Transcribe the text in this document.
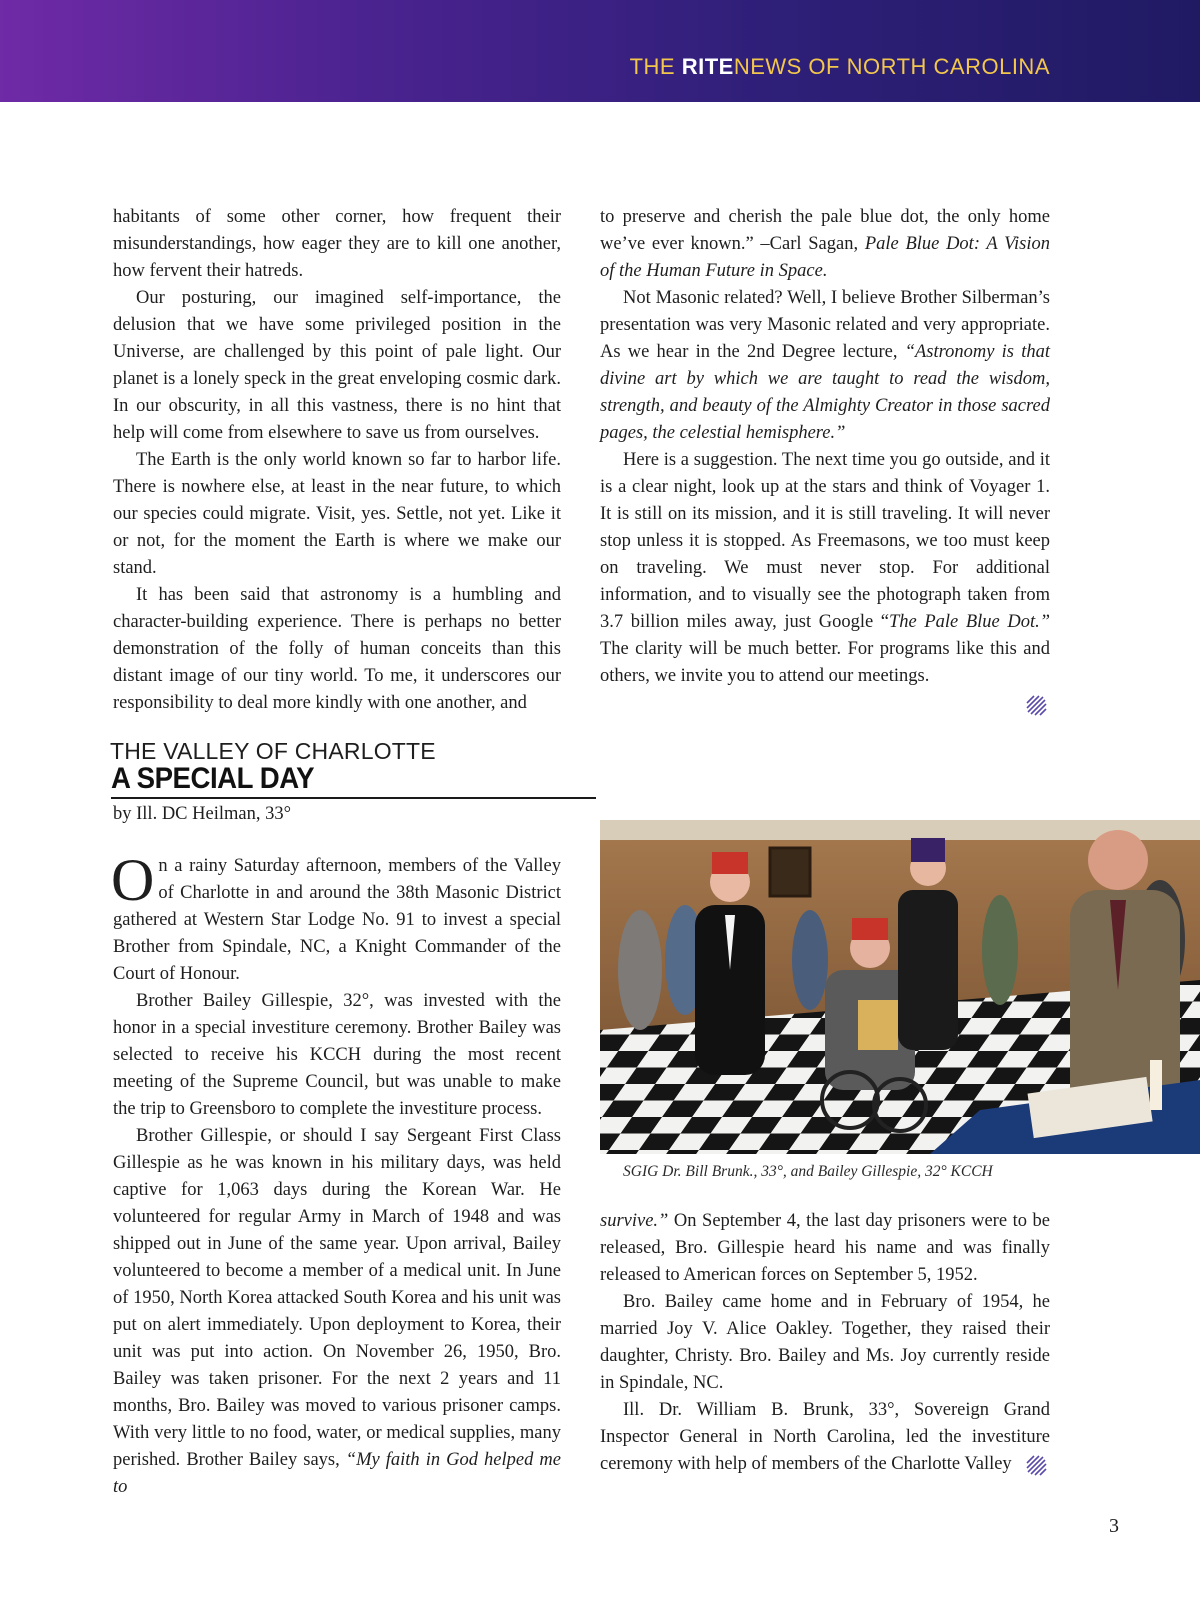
THE RITENEWS OF NORTH CAROLINA

habitants of some other corner, how frequent their misunderstandings, how eager they are to kill one another, how fervent their hatreds.

Our posturing, our imagined self-importance, the delusion that we have some privileged position in the Universe, are challenged by this point of pale light. Our planet is a lonely speck in the great enveloping cosmic dark. In our obscurity, in all this vastness, there is no hint that help will come from elsewhere to save us from ourselves.

The Earth is the only world known so far to harbor life. There is nowhere else, at least in the near future, to which our species could migrate. Visit, yes. Settle, not yet. Like it or not, for the moment the Earth is where we make our stand.

It has been said that astronomy is a humbling and character-building experience. There is perhaps no better demonstration of the folly of human conceits than this distant image of our tiny world. To me, it underscores our responsibility to deal more kindly with one another, and

to preserve and cherish the pale blue dot, the only home we’ve ever known.” –Carl Sagan, Pale Blue Dot: A Vision of the Human Future in Space.

Not Masonic related? Well, I believe Brother Silberman’s presentation was very Masonic related and very appropriate. As we hear in the 2nd Degree lecture, “Astronomy is that divine art by which we are taught to read the wisdom, strength, and beauty of the Almighty Creator in those sacred pages, the celestial hemisphere.”

Here is a suggestion. The next time you go outside, and it is a clear night, look up at the stars and think of Voyager 1. It is still on its mission, and it is still traveling. It will never stop unless it is stopped. As Freemasons, we too must keep on traveling. We must never stop. For additional information, and to visually see the photograph taken from 3.7 billion miles away, just Google “The Pale Blue Dot.” The clarity will be much better. For programs like this and others, we invite you to attend our meetings.

THE VALLEY OF CHARLOTTE
A SPECIAL DAY
by Ill. DC Heilman, 33°

On a rainy Saturday afternoon, members of the Valley of Charlotte in and around the 38th Masonic District gathered at Western Star Lodge No. 91 to invest a special Brother from Spindale, NC, a Knight Commander of the Court of Honour.

Brother Bailey Gillespie, 32°, was invested with the honor in a special investiture ceremony. Brother Bailey was selected to receive his KCCH during the most recent meeting of the Supreme Council, but was unable to make the trip to Greensboro to complete the investiture process.

Brother Gillespie, or should I say Sergeant First Class Gillespie as he was known in his military days, was held captive for 1,063 days during the Korean War. He volunteered for regular Army in March of 1948 and was shipped out in June of the same year. Upon arrival, Bailey volunteered to become a member of a medical unit. In June of 1950, North Korea attacked South Korea and his unit was put on alert immediately. Upon deployment to Korea, their unit was put into action. On November 26, 1950, Bro. Bailey was taken prisoner. For the next 2 years and 11 months, Bro. Bailey was moved to various prisoner camps. With very little to no food, water, or medical supplies, many perished. Brother Bailey says, “My faith in God helped me to

SGIG Dr. Bill Brunk., 33°, and Bailey Gillespie, 32° KCCH

survive.” On September 4, the last day prisoners were to be released, Bro. Gillespie heard his name and was finally released to American forces on September 5, 1952.

Bro. Bailey came home and in February of 1954, he married Joy V. Alice Oakley. Together, they raised their daughter, Christy. Bro. Bailey and Ms. Joy currently reside in Spindale, NC.

Ill. Dr. William B. Brunk, 33°, Sovereign Grand Inspector General in North Carolina, led the investiture ceremony with help of members of the Charlotte Valley

3
